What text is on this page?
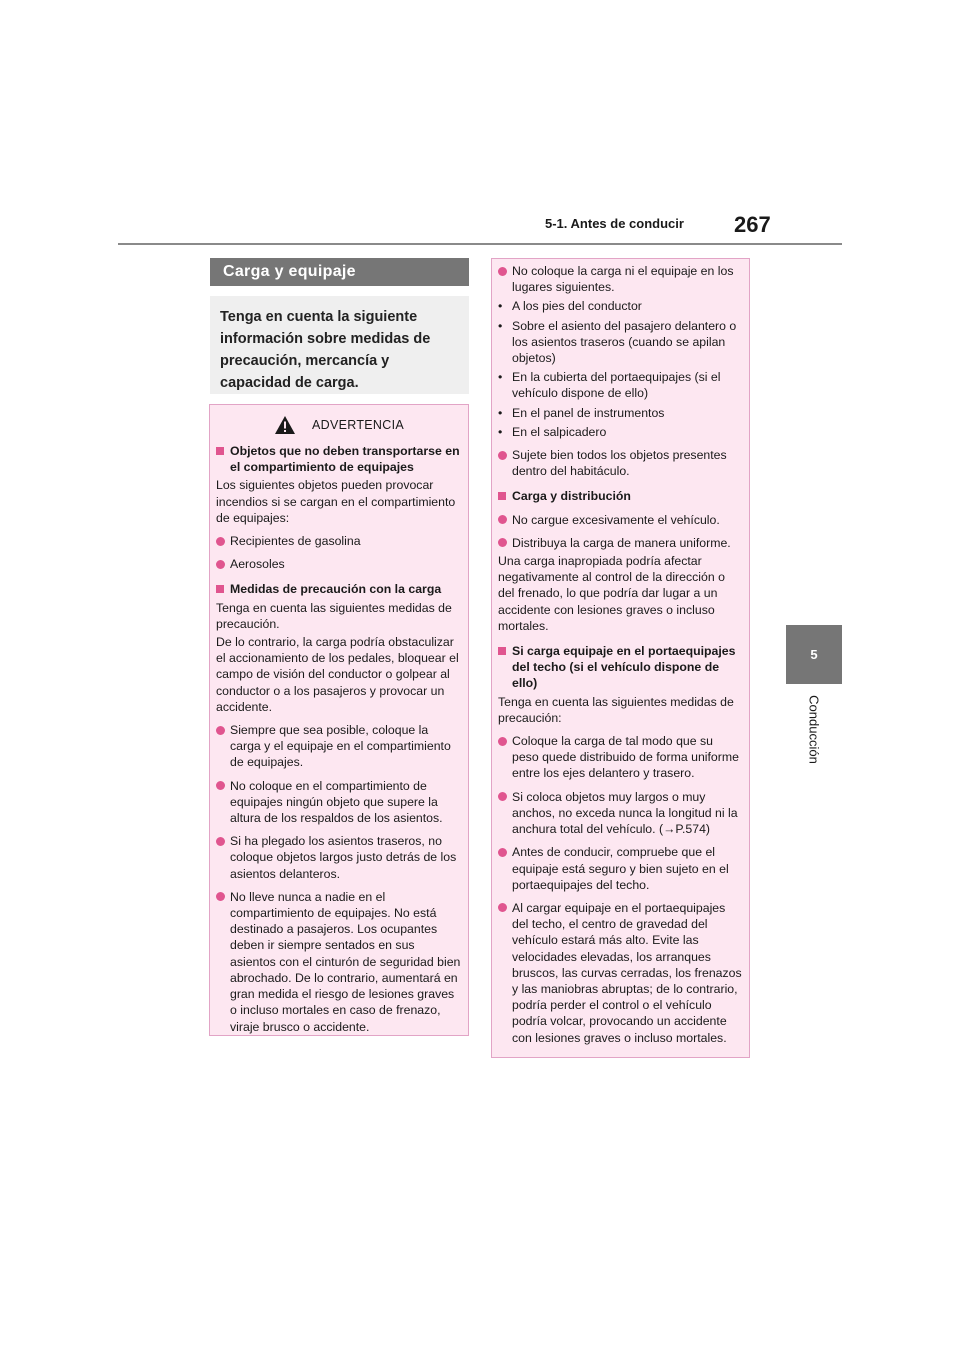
5-1. Antes de conducir 267
5
Conducción
Carga y equipaje
Tenga en cuenta la siguiente información sobre medidas de precaución, mercancía y capacidad de carga.
ADVERTENCIA
Objetos que no deben transportarse en el compartimiento de equipajes
Los siguientes objetos pueden provocar incendios si se cargan en el compartimiento de equipajes:
Recipientes de gasolina
Aerosoles
Medidas de precaución con la carga
Tenga en cuenta las siguientes medidas de precaución.
De lo contrario, la carga podría obstaculizar el accionamiento de los pedales, bloquear el campo de visión del conductor o golpear al conductor o a los pasajeros y provocar un accidente.
Siempre que sea posible, coloque la carga y el equipaje en el compartimiento de equipajes.
No coloque en el compartimiento de equipajes ningún objeto que supere la altura de los respaldos de los asientos.
Si ha plegado los asientos traseros, no coloque objetos largos justo detrás de los asientos delanteros.
No lleve nunca a nadie en el compartimiento de equipajes. No está destinado a pasajeros. Los ocupantes deben ir siempre sentados en sus asientos con el cinturón de seguridad bien abrochado. De lo contrario, aumentará en gran medida el riesgo de lesiones graves o incluso mortales en caso de frenazo, viraje brusco o accidente.
No coloque la carga ni el equipaje en los lugares siguientes.
• A los pies del conductor
• Sobre el asiento del pasajero delantero o los asientos traseros (cuando se apilan objetos)
• En la cubierta del portaequipajes (si el vehículo dispone de ello)
• En el panel de instrumentos
• En el salpicadero
Sujete bien todos los objetos presentes dentro del habitáculo.
Carga y distribución
No cargue excesivamente el vehículo.
Distribuya la carga de manera uniforme.
Una carga inapropiada podría afectar negativamente al control de la dirección o del frenado, lo que podría dar lugar a un accidente con lesiones graves o incluso mortales.
Si carga equipaje en el portaequipajes del techo (si el vehículo dispone de ello)
Tenga en cuenta las siguientes medidas de precaución:
Coloque la carga de tal modo que su peso quede distribuido de forma uniforme entre los ejes delantero y trasero.
Si coloca objetos muy largos o muy anchos, no exceda nunca la longitud ni la anchura total del vehículo. (→P.574)
Antes de conducir, compruebe que el equipaje está seguro y bien sujeto en el portaequipajes del techo.
Al cargar equipaje en el portaequipajes del techo, el centro de gravedad del vehículo estará más alto. Evite las velocidades elevadas, los arranques bruscos, las curvas cerradas, los frenazos y las maniobras abruptas; de lo contrario, podría perder el control o el vehículo podría volcar, provocando un accidente con lesiones graves o incluso mortales.
